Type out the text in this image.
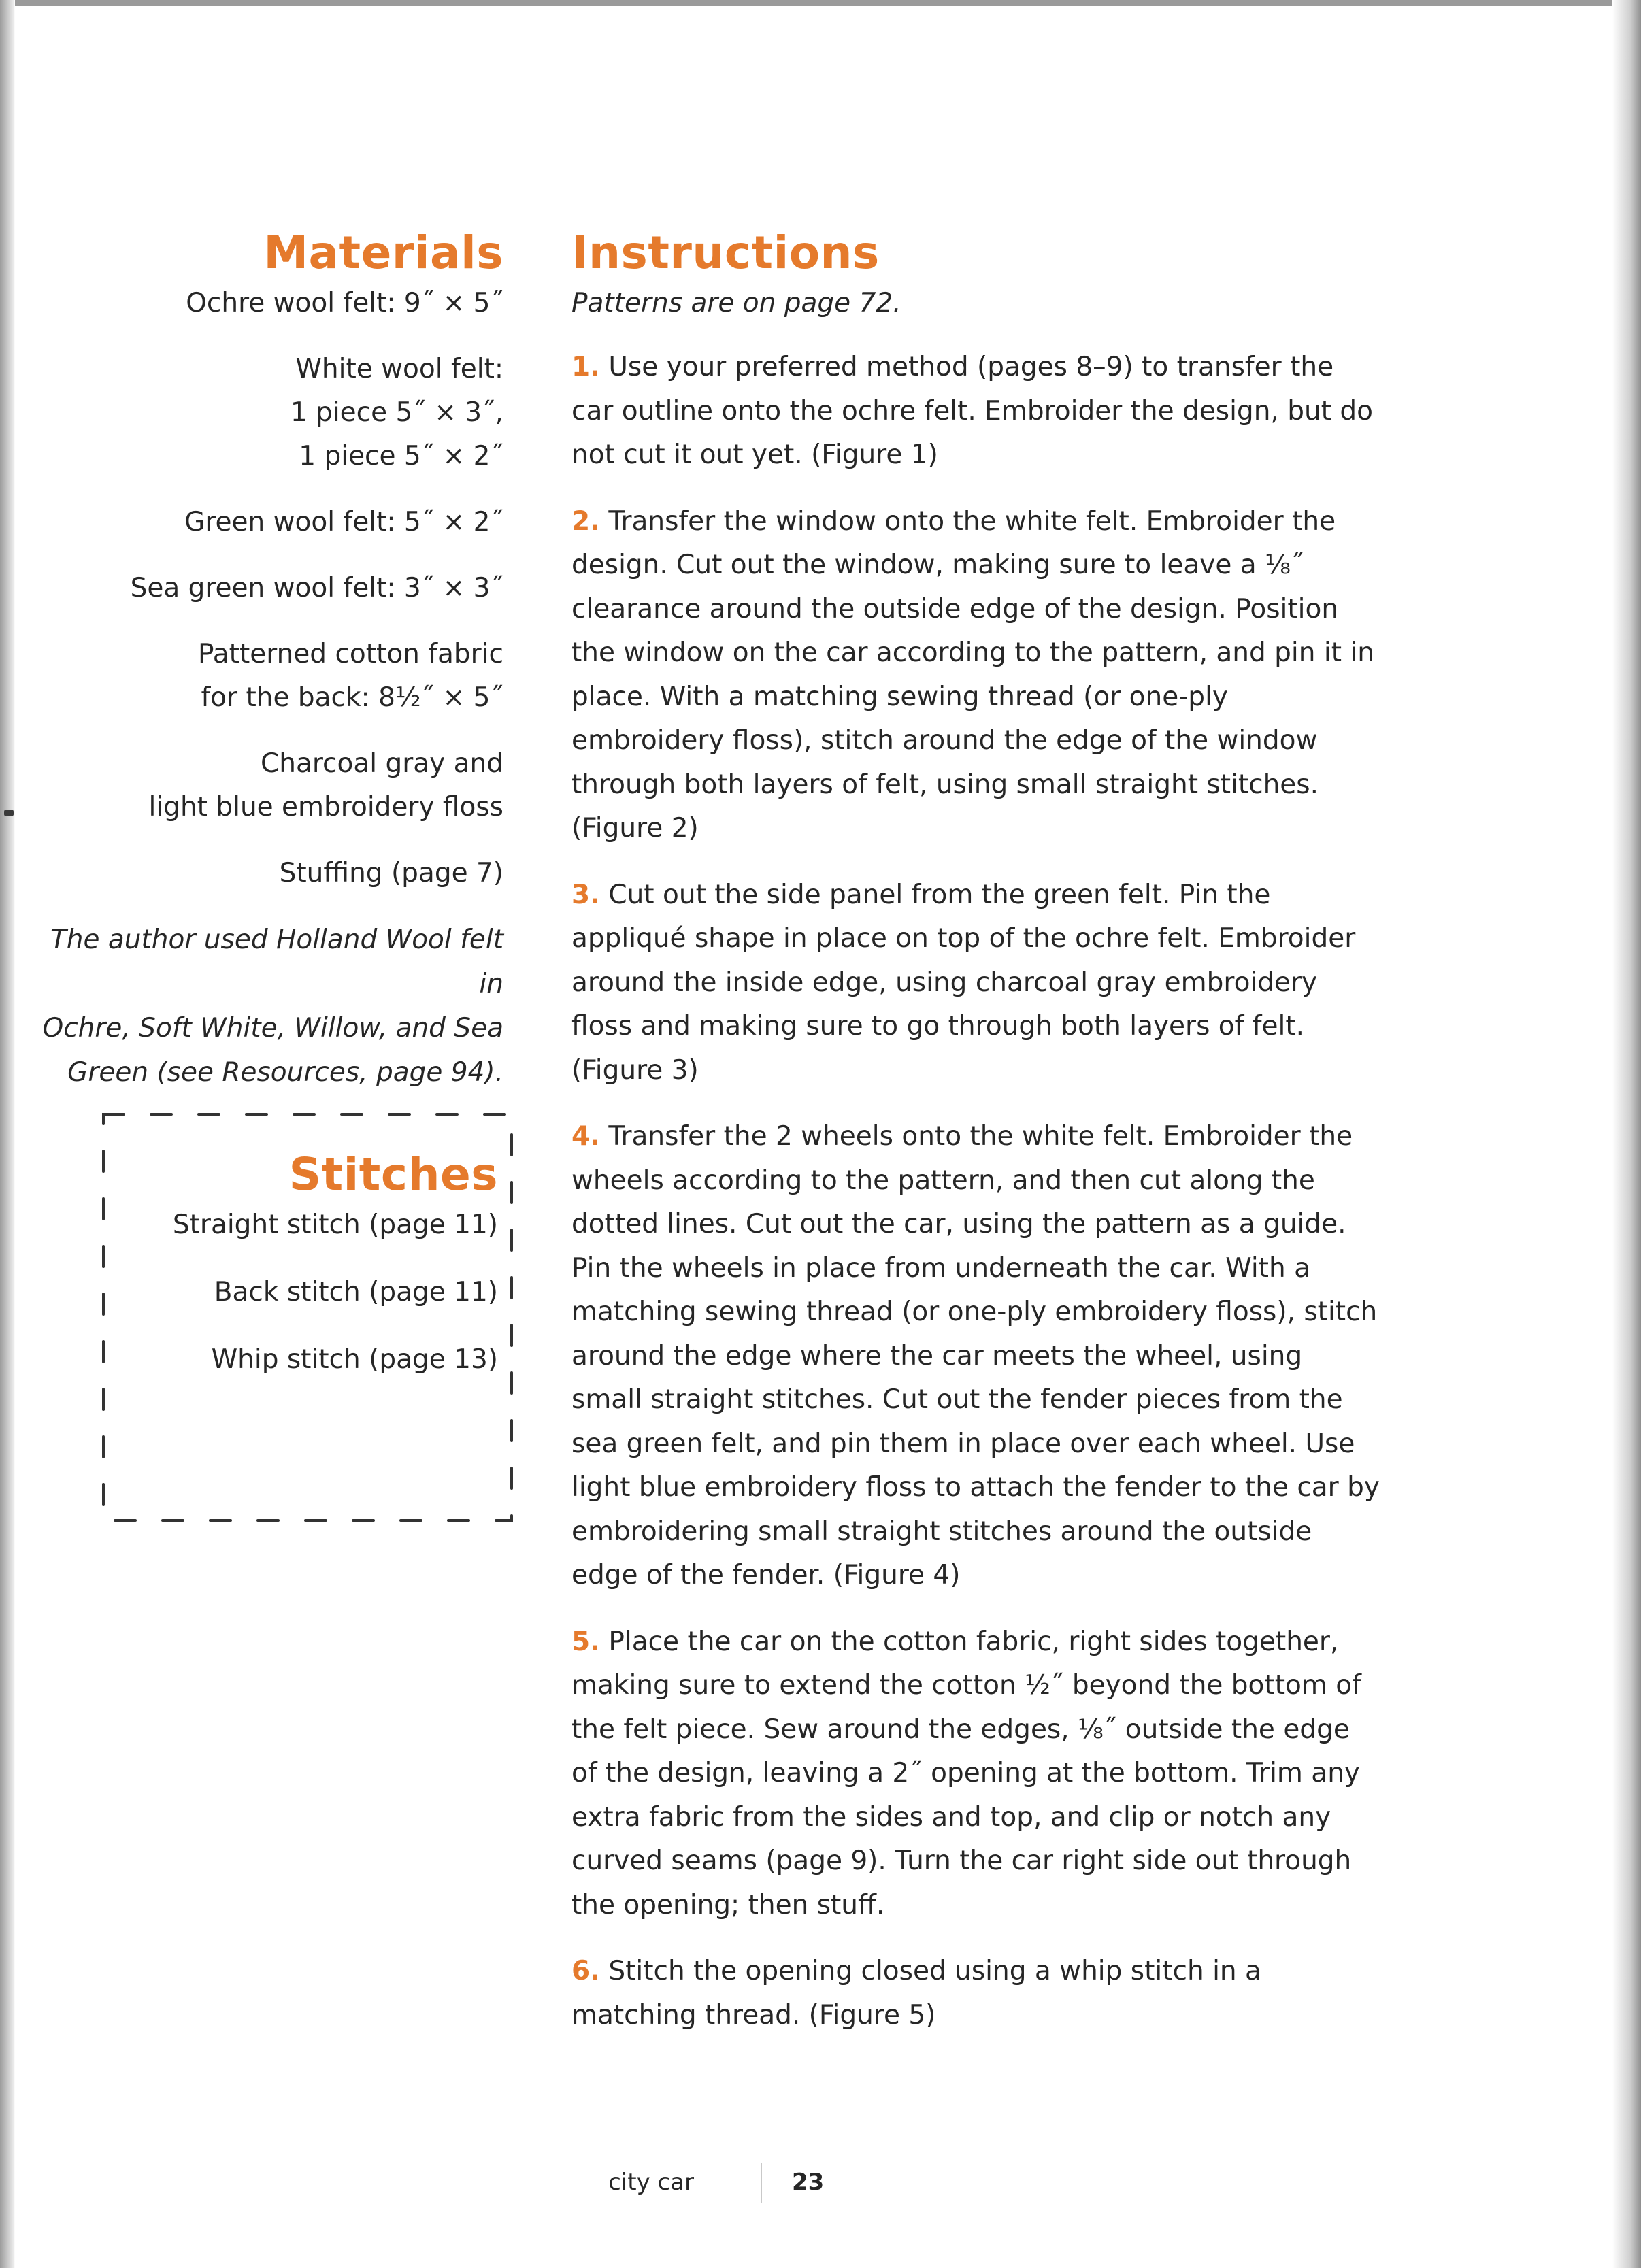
Materials

Ochre wool felt: 9˝ × 5˝

White wool felt:
1 piece 5˝ × 3˝,
1 piece 5˝ × 2˝

Green wool felt: 5˝ × 2˝

Sea green wool felt: 3˝ × 3˝

Patterned cotton fabric
for the back: 8½˝ × 5˝

Charcoal gray and
light blue embroidery floss

Stuffing (page 7)

The author used Holland Wool felt in
Ochre, Soft White, Willow, and Sea
Green (see Resources, page 94).

Stitches

Straight stitch (page 11)

Back stitch (page 11)

Whip stitch (page 13)

Instructions

Patterns are on page 72.

1. Use your preferred method (pages 8–9) to transfer the car outline onto the ochre felt. Embroider the design, but do not cut it out yet. (Figure 1)

2. Transfer the window onto the white felt. Embroider the design. Cut out the window, making sure to leave a ⅛˝ clearance around the outside edge of the design. Position the window on the car according to the pattern, and pin it in place. With a matching sewing thread (or one-ply embroidery floss), stitch around the edge of the window through both layers of felt, using small straight stitches. (Figure 2)

3. Cut out the side panel from the green felt. Pin the appliqué shape in place on top of the ochre felt. Embroider around the inside edge, using charcoal gray embroidery floss and making sure to go through both layers of felt. (Figure 3)

4. Transfer the 2 wheels onto the white felt. Embroider the wheels according to the pattern, and then cut along the dotted lines. Cut out the car, using the pattern as a guide. Pin the wheels in place from underneath the car. With a matching sewing thread (or one-ply embroidery floss), stitch around the edge where the car meets the wheel, using small straight stitches. Cut out the fender pieces from the sea green felt, and pin them in place over each wheel. Use light blue embroidery floss to attach the fender to the car by embroidering small straight stitches around the outside edge of the fender. (Figure 4)

5. Place the car on the cotton fabric, right sides together, making sure to extend the cotton ½˝ beyond the bottom of the felt piece. Sew around the edges, ⅛˝ outside the edge of the design, leaving a 2˝ opening at the bottom. Trim any extra fabric from the sides and top, and clip or notch any curved seams (page 9). Turn the car right side out through the opening; then stuff.

6. Stitch the opening closed using a whip stitch in a matching thread. (Figure 5)

city car	23
